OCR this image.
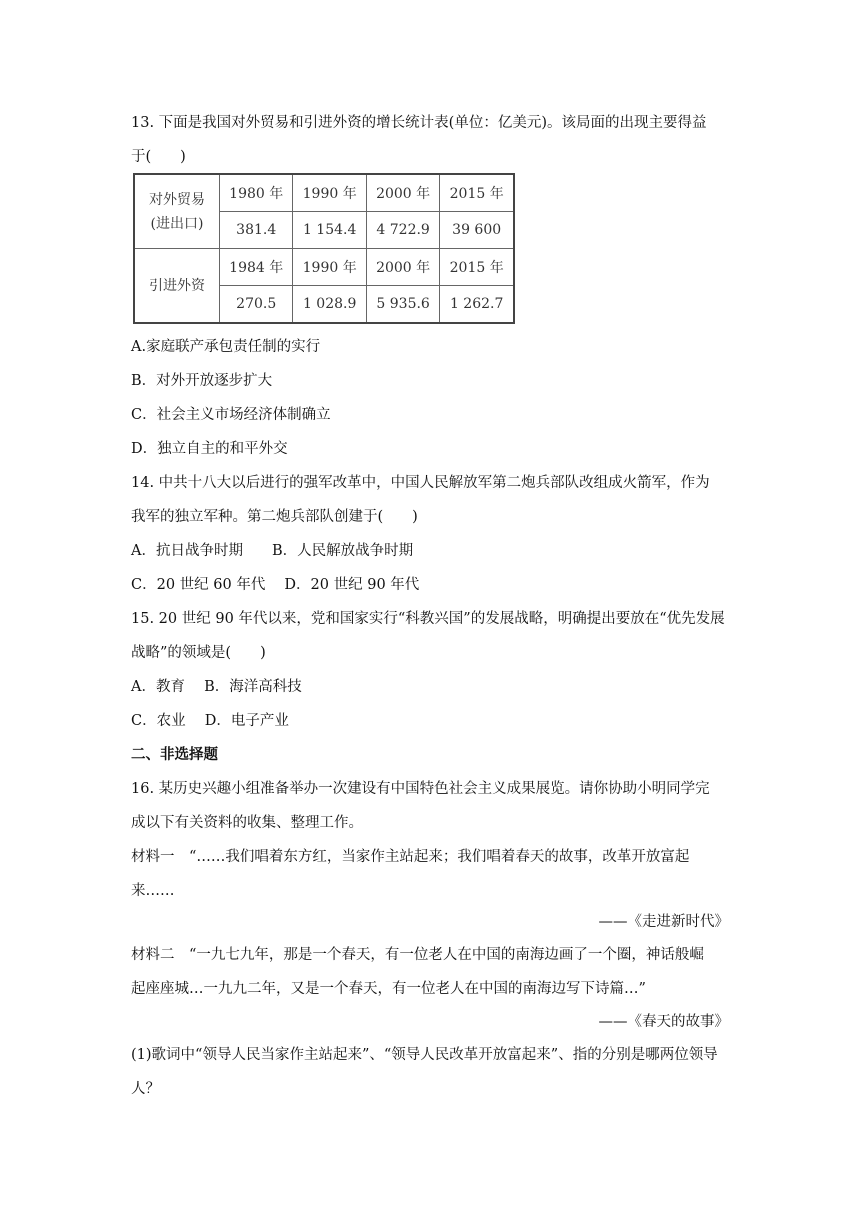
13. 下面是我国对外贸易和引进外资的增长统计表(单位：亿美元)。该局面的出现主要得益
于(　　)
对外贸易
(进出口)	1980 年	1990 年	2000 年	2015 年
	381.4	1 154.4	4 722.9	39 600
引进外资	1984 年	1990 年	2000 年	2015 年
	270.5	1 028.9	5 935.6	1 262.7
A.家庭联产承包责任制的实行
B．对外开放逐步扩大
C．社会主义市场经济体制确立
D．独立自主的和平外交
14. 中共十八大以后进行的强军改革中，中国人民解放军第二炮兵部队改组成火箭军，作为
我军的独立军种。第二炮兵部队创建于(　　)
A．抗日战争时期　　B．人民解放战争时期
C．20 世纪 60 年代　 D．20 世纪 90 年代
15. 20 世纪 90 年代以来，党和国家实行“科教兴国”的发展战略，明确提出要放在“优先发展
战略”的领域是(　　)
A．教育　 B．海洋高科技
C．农业　 D．电子产业
二、非选择题
16. 某历史兴趣小组准备举办一次建设有中国特色社会主义成果展览。请你协助小明同学完
成以下有关资料的收集、整理工作。
材料一　“……我们唱着东方红，当家作主站起来；我们唱着春天的故事，改革开放富起
来……
——《走进新时代》
材料二　“一九七九年，那是一个春天，有一位老人在中国的南海边画了一个圈，神话般崛
起座座城…一九九二年，又是一个春天，有一位老人在中国的南海边写下诗篇…”
——《春天的故事》
(1)歌词中“领导人民当家作主站起来”、“领导人民改革开放富起来”、指的分别是哪两位领导
人？
